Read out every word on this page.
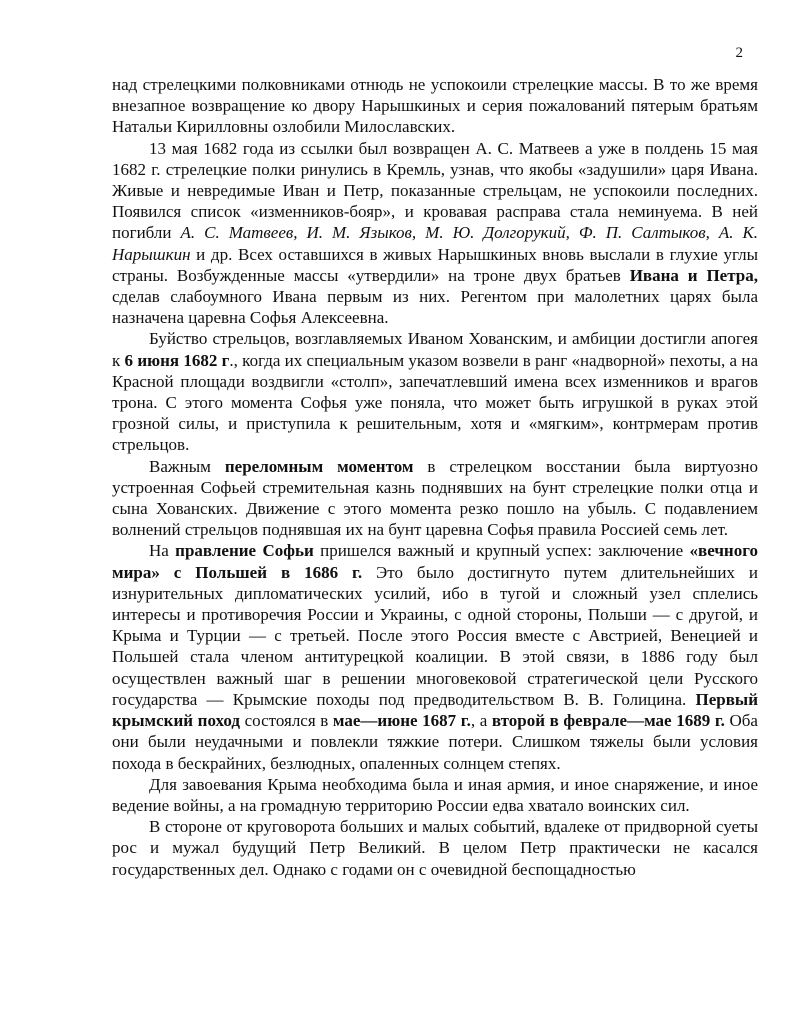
2

над стрелецкими полковниками отнюдь не успокоили стрелецкие массы. В то же время внезапное возвращение ко двору Нарышкиных и серия пожалований пятерым братьям Натальи Кирилловны озлобили Милославских.

13 мая 1682 года из ссылки был возвращен А. С. Матвеев а уже в полдень 15 мая 1682 г. стрелецкие полки ринулись в Кремль, узнав, что якобы «задушили» царя Ивана. Живые и невредимые Иван и Петр, показанные стрельцам, не успокоили последних. Появился список «изменников-бояр», и кровавая расправа стала неминуема. В ней погибли А. С. Матвеев, И. М. Языков, М. Ю. Долгорукий, Ф. П. Салтыков, А. К. Нарышкин и др. Всех оставшихся в живых Нарышкиных вновь выслали в глухие углы страны. Возбужденные массы «утвердили» на троне двух братьев Ивана и Петра, сделав слабоумного Ивана первым из них. Регентом при малолетних царях была назначена царевна Софья Алексеевна.

Буйство стрельцов, возглавляемых Иваном Хованским, и амбиции достигли апогея к 6 июня 1682 г., когда их специальным указом возвели в ранг «надворной» пехоты, а на Красной площади воздвигли «столп», запечатлевший имена всех изменников и врагов трона. С этого момента Софья уже поняла, что может быть игрушкой в руках этой грозной силы, и приступила к решительным, хотя и «мягким», контрмерам против стрельцов.

Важным переломным моментом в стрелецком восстании была виртуозно устроенная Софьей стремительная казнь поднявших на бунт стрелецкие полки отца и сына Хованских. Движение с этого момента резко пошло на убыль. С подавлением волнений стрельцов поднявшая их на бунт царевна Софья правила Россией семь лет.

На правление Софьи пришелся важный и крупный успех: заключение «вечного мира» с Польшей в 1686 г. Это было достигнуто путем длительнейших и изнурительных дипломатических усилий, ибо в тугой и сложный узел сплелись интересы и противоречия России и Украины, с одной стороны, Польши — с другой, и Крыма и Турции — с третьей. После этого Россия вместе с Австрией, Венецией и Польшей стала членом антитурецкой коалиции. В этой связи, в 1886 году был осуществлен важный шаг в решении многовековой стратегической цели Русского государства — Крымские походы под предводительством В. В. Голицина. Первый крымский поход состоялся в мае—июне 1687 г., а второй в феврале—мае 1689 г. Оба они были неудачными и повлекли тяжкие потери. Слишком тяжелы были условия похода в бескрайних, безлюдных, опаленных солнцем степях.

Для завоевания Крыма необходима была и иная армия, и иное снаряжение, и иное ведение войны, а на громадную территорию России едва хватало воинских сил.

В стороне от круговорота больших и малых событий, вдалеке от придворной суеты рос и мужал будущий Петр Великий. В целом Петр практически не касался государственных дел. Однако с годами он с очевидной беспощадностью
